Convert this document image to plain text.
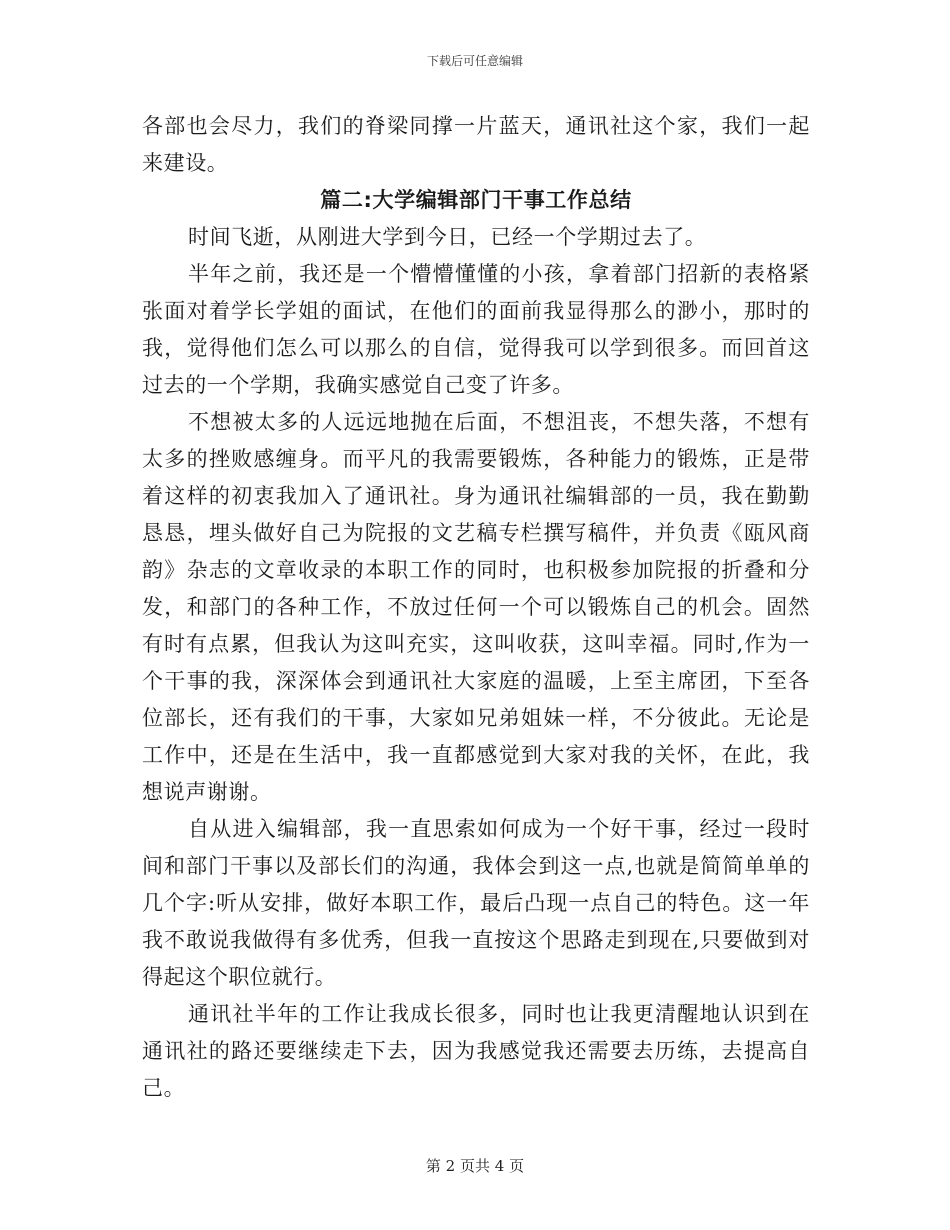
下载后可任意编辑

各部也会尽力，我们的脊梁同撑一片蓝天，通讯社这个家，我们一起来建设。

篇二:大学编辑部门干事工作总结

时间飞逝，从刚进大学到今日，已经一个学期过去了。

半年之前，我还是一个懵懵懂懂的小孩，拿着部门招新的表格紧张面对着学长学姐的面试，在他们的面前我显得那么的渺小，那时的我，觉得他们怎么可以那么的自信，觉得我可以学到很多。而回首这过去的一个学期，我确实感觉自己变了许多。

不想被太多的人远远地抛在后面，不想沮丧，不想失落，不想有太多的挫败感缠身。而平凡的我需要锻炼，各种能力的锻炼，正是带着这样的初衷我加入了通讯社。身为通讯社编辑部的一员，我在勤勤恳恳，埋头做好自己为院报的文艺稿专栏撰写稿件，并负责《瓯风商韵》杂志的文章收录的本职工作的同时，也积极参加院报的折叠和分发，和部门的各种工作，不放过任何一个可以锻炼自己的机会。固然有时有点累，但我认为这叫充实，这叫收获，这叫幸福。同时,作为一个干事的我，深深体会到通讯社大家庭的温暖，上至主席团，下至各位部长，还有我们的干事，大家如兄弟姐妹一样，不分彼此。无论是工作中，还是在生活中，我一直都感觉到大家对我的关怀，在此，我想说声谢谢。

自从进入编辑部，我一直思索如何成为一个好干事，经过一段时间和部门干事以及部长们的沟通，我体会到这一点,也就是简简单单的几个字:听从安排，做好本职工作，最后凸现一点自己的特色。这一年我不敢说我做得有多优秀，但我一直按这个思路走到现在,只要做到对得起这个职位就行。

通讯社半年的工作让我成长很多，同时也让我更清醒地认识到在通讯社的路还要继续走下去，因为我感觉我还需要去历练，去提高自己。

第 2 页共 4 页
